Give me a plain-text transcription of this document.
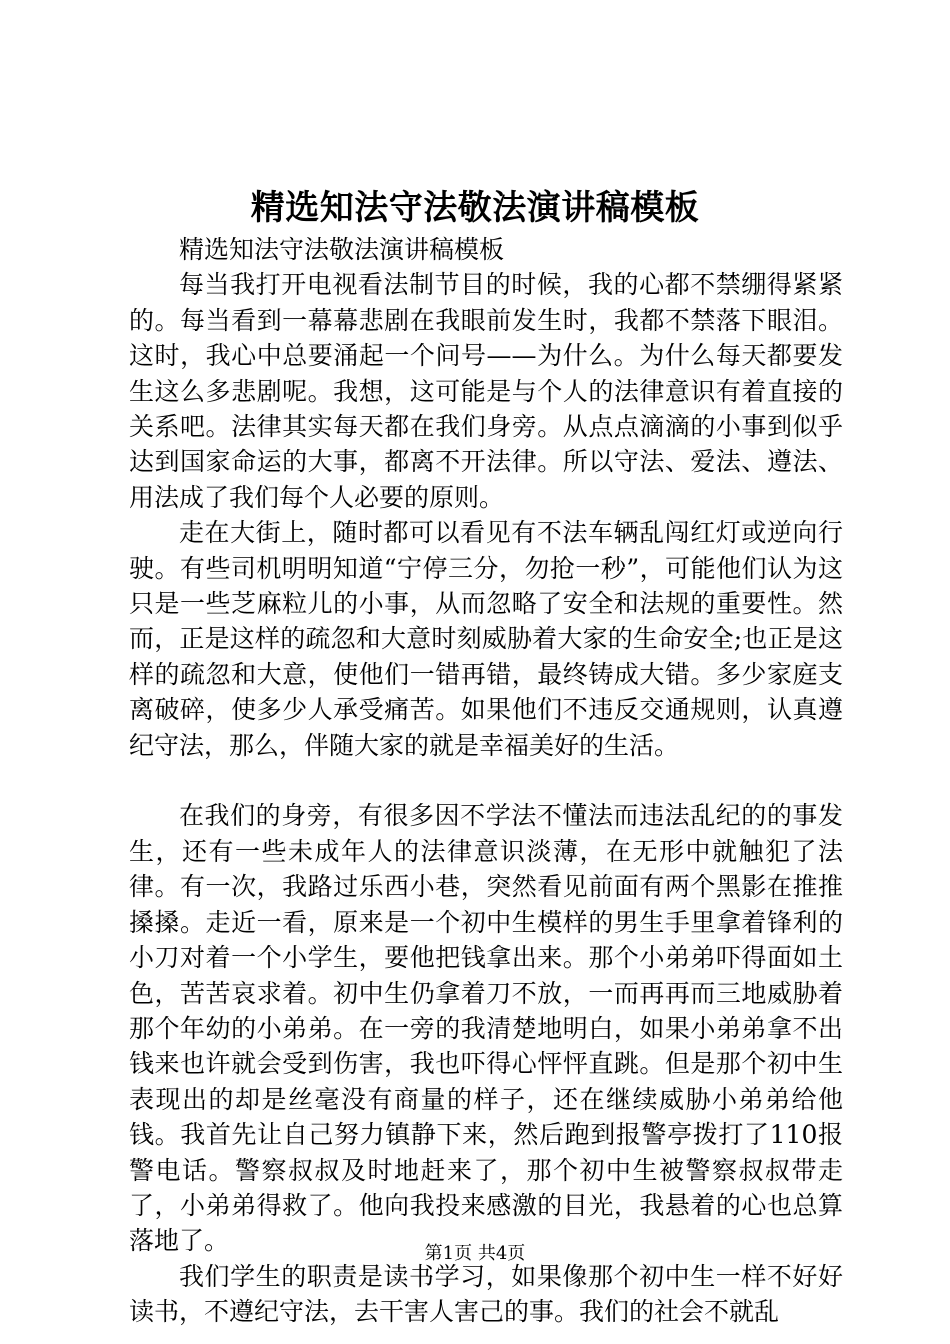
精选知法守法敬法演讲稿模板

精选知法守法敬法演讲稿模板

每当我打开电视看法制节目的时候，我的心都不禁绷得紧紧的。每当看到一幕幕悲剧在我眼前发生时，我都不禁落下眼泪。这时，我心中总要涌起一个问号——为什么。为什么每天都要发生这么多悲剧呢。我想，这可能是与个人的法律意识有着直接的关系吧。法律其实每天都在我们身旁。从点点滴滴的小事到似乎达到国家命运的大事，都离不开法律。所以守法、爱法、遵法、用法成了我们每个人必要的原则。

走在大街上，随时都可以看见有不法车辆乱闯红灯或逆向行驶。有些司机明明知道“宁停三分，勿抢一秒”，可能他们认为这只是一些芝麻粒儿的小事，从而忽略了安全和法规的重要性。然而，正是这样的疏忽和大意时刻威胁着大家的生命安全;也正是这样的疏忽和大意，使他们一错再错，最终铸成大错。多少家庭支离破碎，使多少人承受痛苦。如果他们不违反交通规则，认真遵纪守法，那么，伴随大家的就是幸福美好的生活。

在我们的身旁，有很多因不学法不懂法而违法乱纪的的事发生，还有一些未成年人的法律意识淡薄，在无形中就触犯了法律。有一次，我路过乐西小巷，突然看见前面有两个黑影在推推搡搡。走近一看，原来是一个初中生模样的男生手里拿着锋利的小刀对着一个小学生，要他把钱拿出来。那个小弟弟吓得面如土色，苦苦哀求着。初中生仍拿着刀不放，一而再再而三地威胁着那个年幼的小弟弟。在一旁的我清楚地明白，如果小弟弟拿不出钱来也许就会受到伤害，我也吓得心怦怦直跳。但是那个初中生表现出的却是丝毫没有商量的样子，还在继续威胁小弟弟给他钱。我首先让自己努力镇静下来，然后跑到报警亭拨打了110报警电话。警察叔叔及时地赶来了，那个初中生被警察叔叔带走了，小弟弟得救了。他向我投来感激的目光，我悬着的心也总算落地了。

我们学生的职责是读书学习，如果像那个初中生一样不好好读书，不遵纪守法，去干害人害己的事。我们的社会不就乱

第1页 共4页
